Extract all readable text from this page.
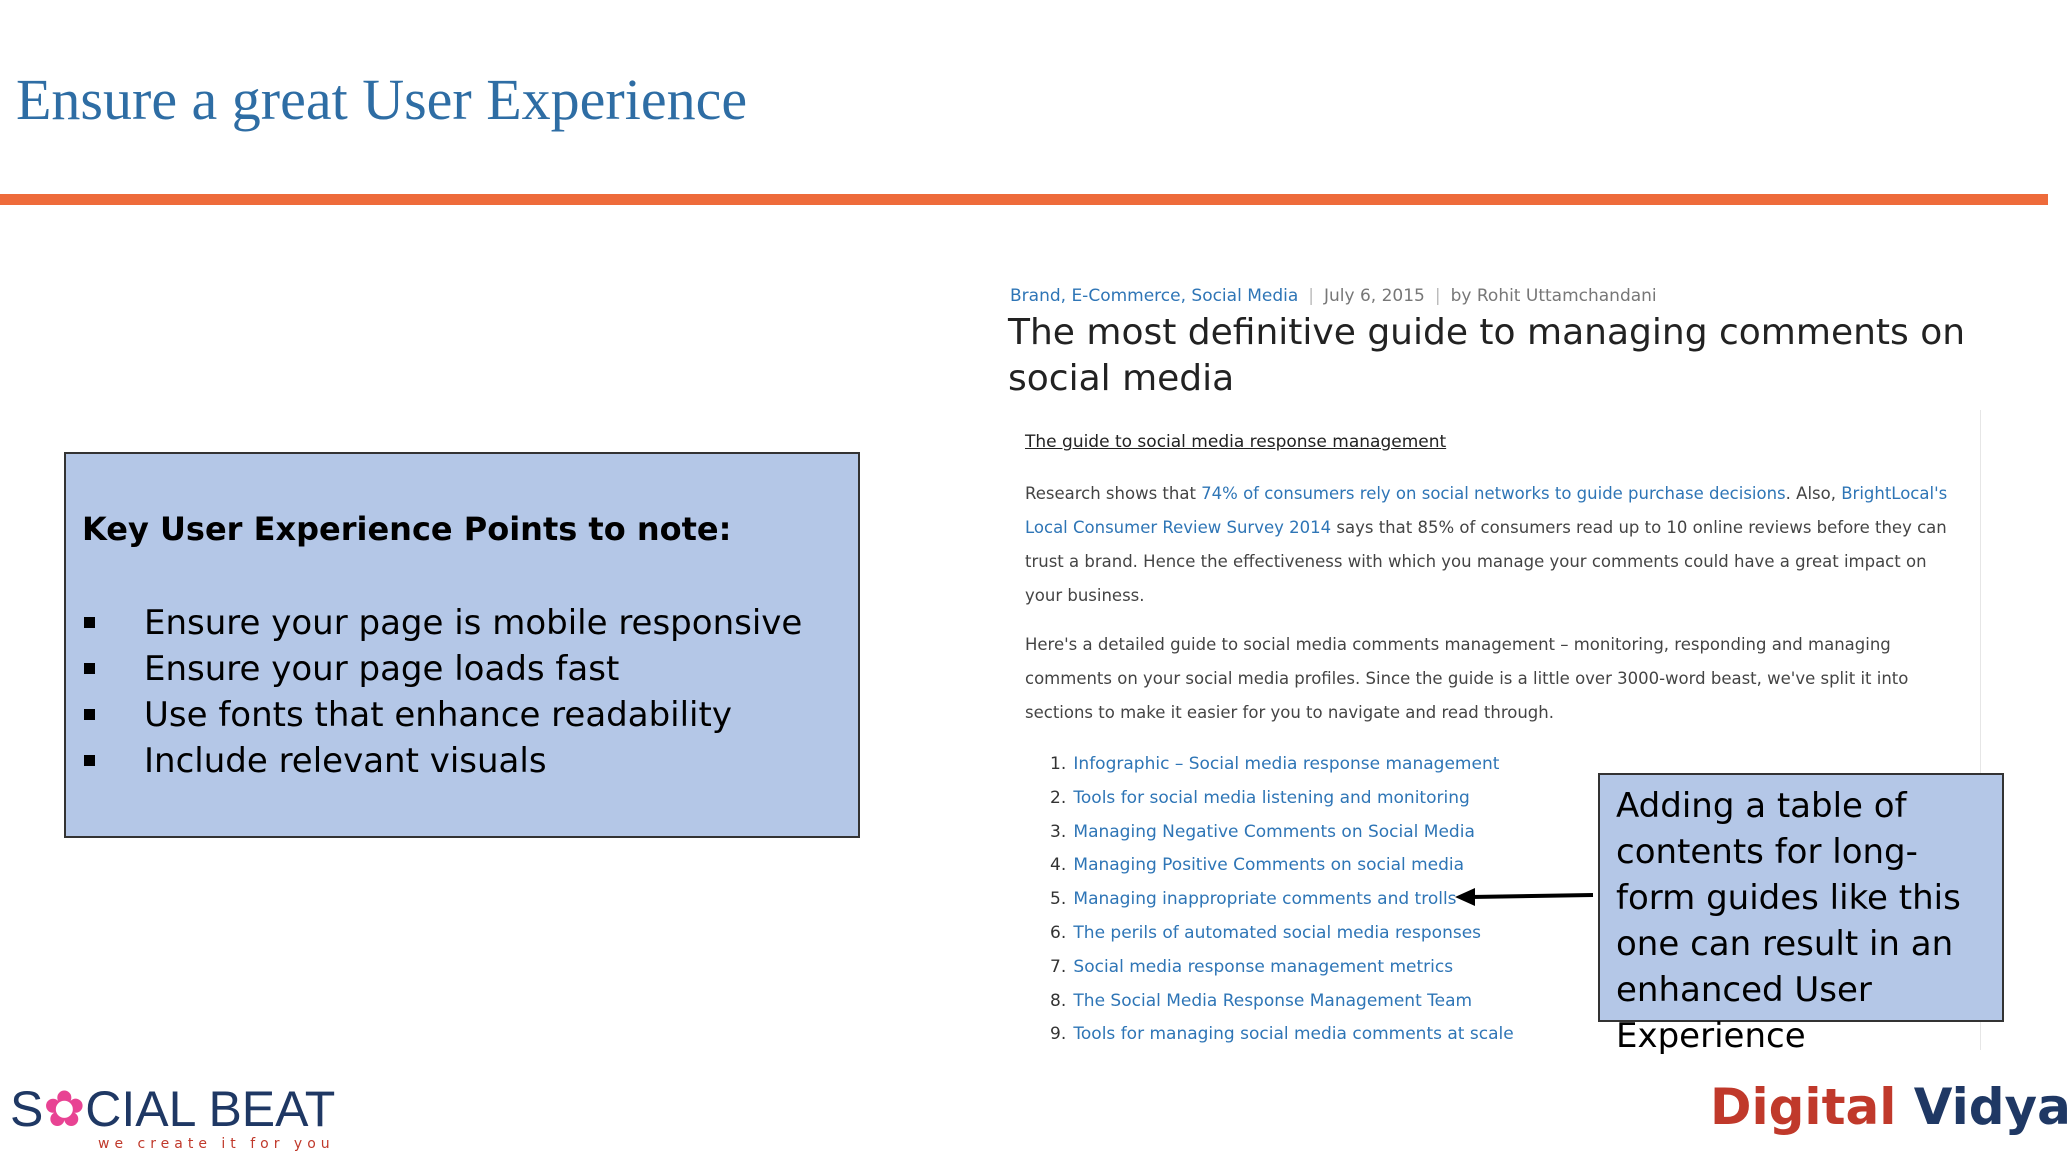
Ensure a great User Experience
Key User Experience Points to note:
Ensure your page is mobile responsive
Ensure your page loads fast
Use fonts that enhance readability
Include relevant visuals
Brand, E-Commerce, Social Media | July 6, 2015 | by Rohit Uttamchandani
The most definitive guide to managing comments on social media
The guide to social media response management

Research shows that 74% of consumers rely on social networks to guide purchase decisions. Also, BrightLocal's Local Consumer Review Survey 2014 says that 85% of consumers read up to 10 online reviews before they can trust a brand. Hence the effectiveness with which you manage your comments could have a great impact on your business.

Here's a detailed guide to social media comments management – monitoring, responding and managing comments on your social media profiles. Since the guide is a little over 3000-word beast, we've split it into sections to make it easier for you to navigate and read through.

1. Infographic – Social media response management
2. Tools for social media listening and monitoring
3. Managing Negative Comments on Social Media
4. Managing Positive Comments on social media
5. Managing inappropriate comments and trolls
6. The perils of automated social media responses
7. Social media response management metrics
8. The Social Media Response Management Team
9. Tools for managing social media comments at scale
Adding a table of contents for long-form guides like this one can result in an enhanced User Experience
S✿CIAL BEAT
we create it for you
Digital Vidya
